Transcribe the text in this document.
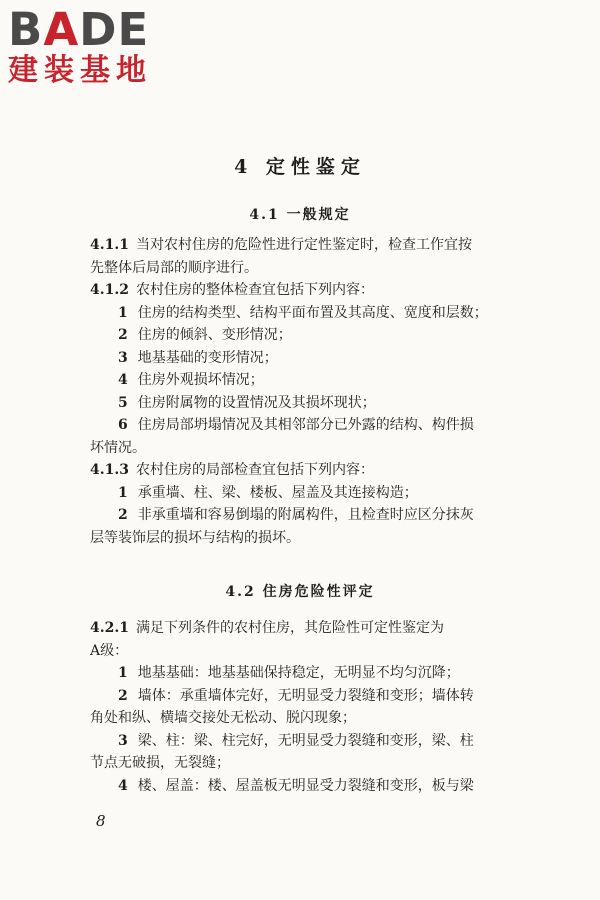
BADE
建装基地
4 定性鉴定
4.1 一般规定
4.1.1 当对农村住房的危险性进行定性鉴定时，检查工作宜按
先整体后局部的顺序进行。
4.1.2 农村住房的整体检查宜包括下列内容：
1 住房的结构类型、结构平面布置及其高度、宽度和层数；
2 住房的倾斜、变形情况；
3 地基基础的变形情况；
4 住房外观损坏情况；
5 住房附属物的设置情况及其损坏现状；
6 住房局部坍塌情况及其相邻部分已外露的结构、构件损
坏情况。
4.1.3 农村住房的局部检查宜包括下列内容：
1 承重墙、柱、梁、楼板、屋盖及其连接构造；
2 非承重墙和容易倒塌的附属构件，且检查时应区分抹灰
层等装饰层的损坏与结构的损坏。
4.2 住房危险性评定
4.2.1 满足下列条件的农村住房，其危险性可定性鉴定为
A级：
1 地基基础：地基基础保持稳定，无明显不均匀沉降；
2 墙体：承重墙体完好，无明显受力裂缝和变形；墙体转
角处和纵、横墙交接处无松动、脱闪现象；
3 梁、柱：梁、柱完好，无明显受力裂缝和变形，梁、柱
节点无破损，无裂缝；
4 楼、屋盖：楼、屋盖板无明显受力裂缝和变形，板与梁
8
